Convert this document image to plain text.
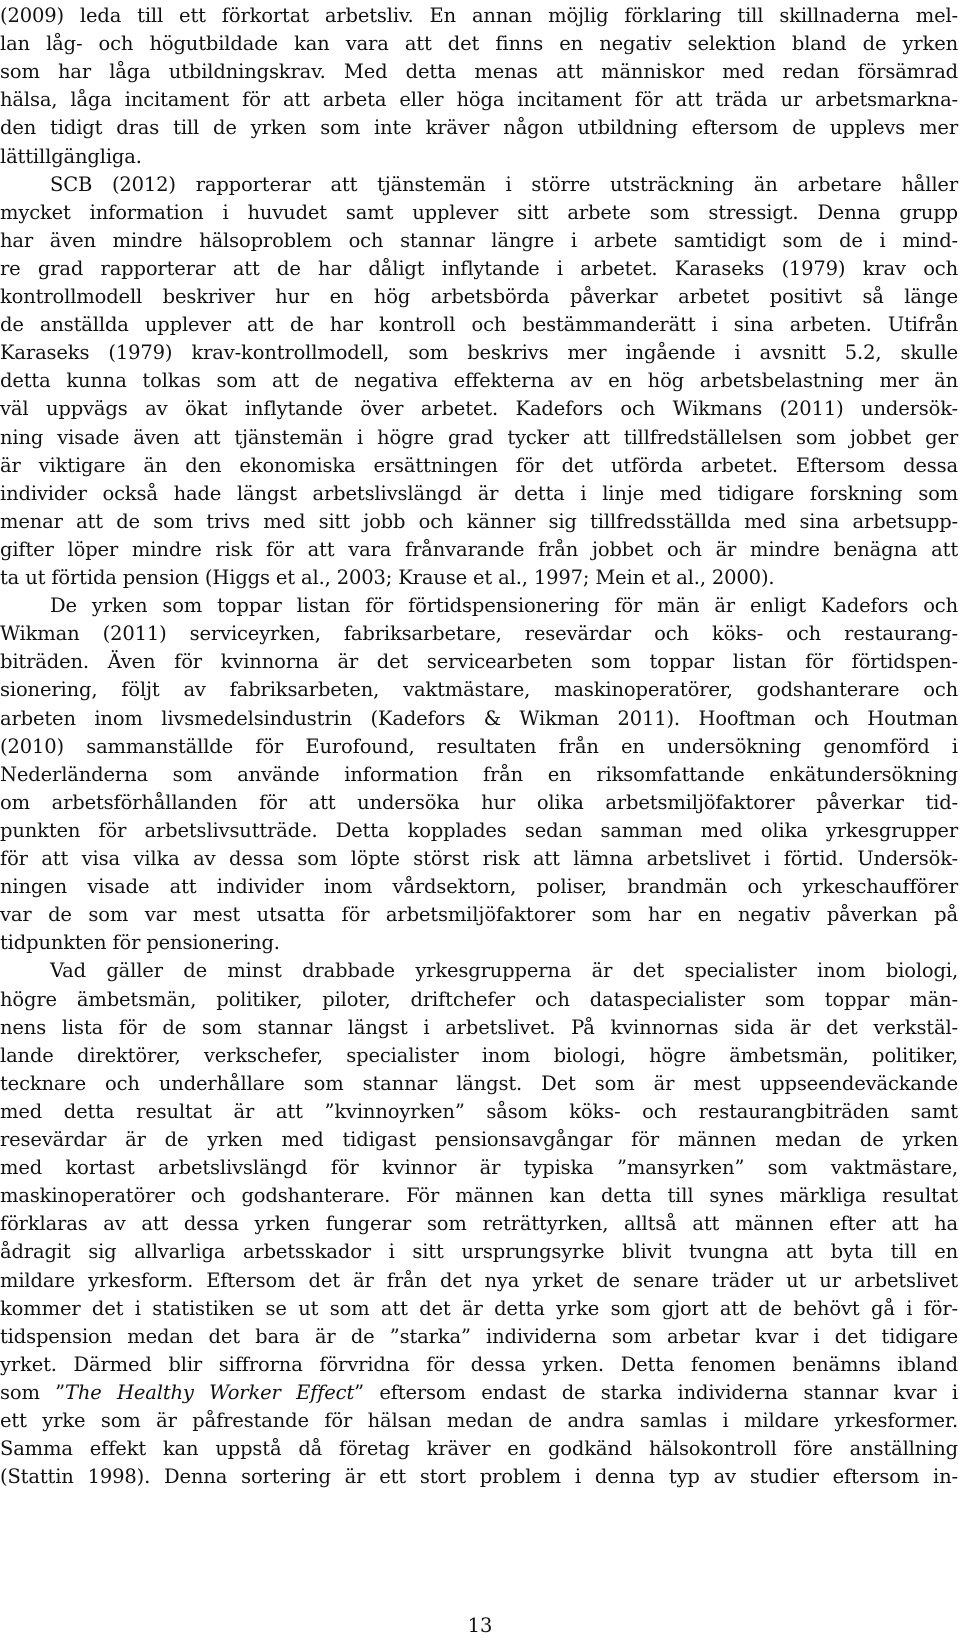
(2009) leda till ett förkortat arbetsliv. En annan möjlig förklaring till skillnaderna mel-
lan låg- och högutbildade kan vara att det finns en negativ selektion bland de yrken
som har låga utbildningskrav. Med detta menas att människor med redan försämrad
hälsa, låga incitament för att arbeta eller höga incitament för att träda ur arbetsmarkna-
den tidigt dras till de yrken som inte kräver någon utbildning eftersom de upplevs mer
lättillgängliga.
SCB (2012) rapporterar att tjänstemän i större utsträckning än arbetare håller
mycket information i huvudet samt upplever sitt arbete som stressigt. Denna grupp
har även mindre hälsoproblem och stannar längre i arbete samtidigt som de i mind-
re grad rapporterar att de har dåligt inflytande i arbetet. Karaseks (1979) krav och
kontrollmodell beskriver hur en hög arbetsbörda påverkar arbetet positivt så länge
de anställda upplever att de har kontroll och bestämmanderätt i sina arbeten. Utifrån
Karaseks (1979) krav-kontrollmodell, som beskrivs mer ingående i avsnitt 5.2, skulle
detta kunna tolkas som att de negativa effekterna av en hög arbetsbelastning mer än
väl uppvägs av ökat inflytande över arbetet. Kadefors och Wikmans (2011) undersök-
ning visade även att tjänstemän i högre grad tycker att tillfredställelsen som jobbet ger
är viktigare än den ekonomiska ersättningen för det utförda arbetet. Eftersom dessa
individer också hade längst arbetslivslängd är detta i linje med tidigare forskning som
menar att de som trivs med sitt jobb och känner sig tillfredsställda med sina arbetsupp-
gifter löper mindre risk för att vara frånvarande från jobbet och är mindre benägna att
ta ut förtida pension (Higgs et al., 2003; Krause et al., 1997; Mein et al., 2000).
De yrken som toppar listan för förtidspensionering för män är enligt Kadefors och
Wikman (2011) serviceyrken, fabriksarbetare, resevärdar och köks- och restaurang-
biträden. Även för kvinnorna är det servicearbeten som toppar listan för förtidspen-
sionering, följt av fabriksarbeten, vaktmästare, maskinoperatörer, godshanterare och
arbeten inom livsmedelsindustrin (Kadefors & Wikman 2011). Hooftman och Houtman
(2010) sammanställde för Eurofound, resultaten från en undersökning genomförd i
Nederländerna som använde information från en riksomfattande enkätundersökning
om arbetsförhållanden för att undersöka hur olika arbetsmiljöfaktorer påverkar tid-
punkten för arbetslivsutträde. Detta kopplades sedan samman med olika yrkesgrupper
för att visa vilka av dessa som löpte störst risk att lämna arbetslivet i förtid. Undersök-
ningen visade att individer inom vårdsektorn, poliser, brandmän och yrkeschaufförer
var de som var mest utsatta för arbetsmiljöfaktorer som har en negativ påverkan på
tidpunkten för pensionering.
Vad gäller de minst drabbade yrkesgrupperna är det specialister inom biologi,
högre ämbetsmän, politiker, piloter, driftchefer och dataspecialister som toppar män-
nens lista för de som stannar längst i arbetslivet. På kvinnornas sida är det verkstäl-
lande direktörer, verkschefer, specialister inom biologi, högre ämbetsmän, politiker,
tecknare och underhållare som stannar längst. Det som är mest uppseendeväckande
med detta resultat är att ”kvinnoyrken” såsom köks- och restaurangbiträden samt
resevärdar är de yrken med tidigast pensionsavgångar för männen medan de yrken
med kortast arbetslivslängd för kvinnor är typiska ”mansyrken” som vaktmästare,
maskinoperatörer och godshanterare. För männen kan detta till synes märkliga resultat
förklaras av att dessa yrken fungerar som reträttyrken, alltså att männen efter att ha
ådragit sig allvarliga arbetsskador i sitt ursprungsyrke blivit tvungna att byta till en
mildare yrkesform. Eftersom det är från det nya yrket de senare träder ut ur arbetslivet
kommer det i statistiken se ut som att det är detta yrke som gjort att de behövt gå i för-
tidspension medan det bara är de ”starka” individerna som arbetar kvar i det tidigare
yrket. Därmed blir siffrorna förvridna för dessa yrken. Detta fenomen benämns ibland
som ”The Healthy Worker Effect” eftersom endast de starka individerna stannar kvar i
ett yrke som är påfrestande för hälsan medan de andra samlas i mildare yrkesformer.
Samma effekt kan uppstå då företag kräver en godkänd hälsokontroll före anställning
(Stattin 1998). Denna sortering är ett stort problem i denna typ av studier eftersom in-
13
